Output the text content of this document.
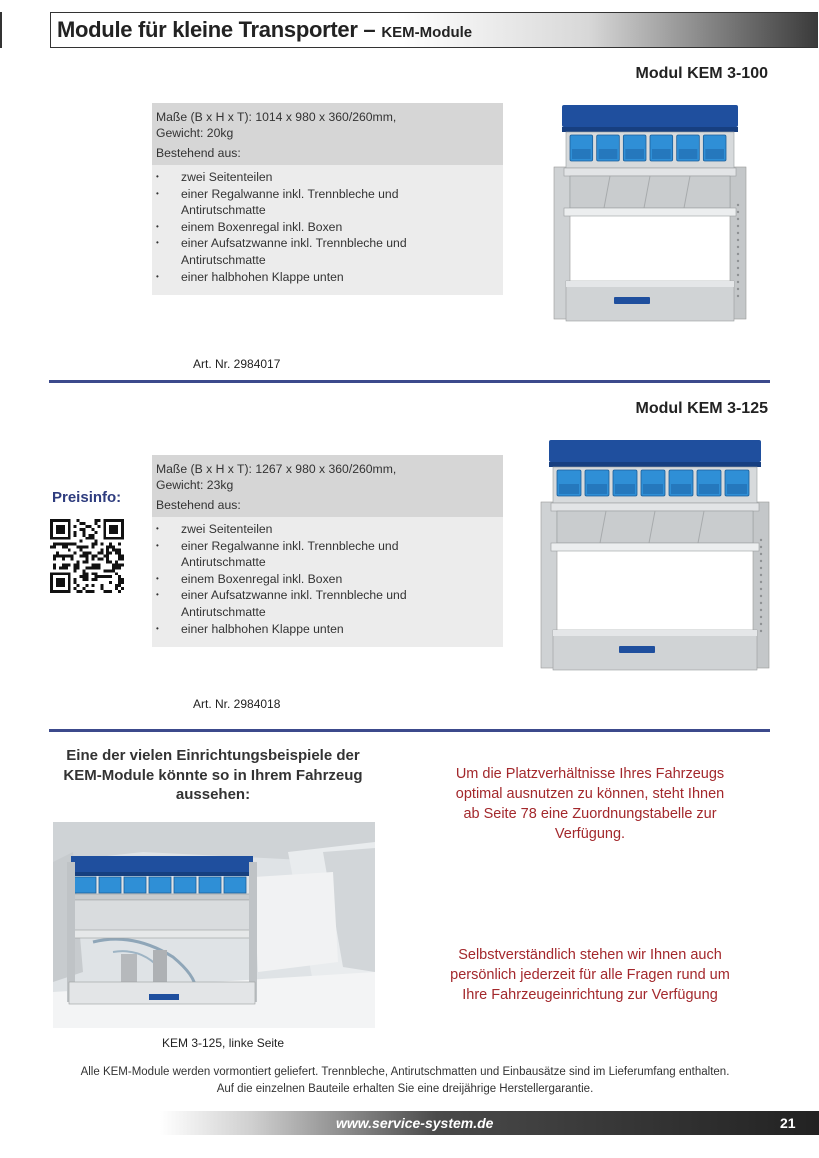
Module für kleine Transporter – KEM-Module
Modul KEM 3-100
Maße (B x H x T): 1014 x 980 x 360/260mm,
Gewicht: 20kg
Bestehend aus:
• zwei Seitenteilen
• einer Regalwanne inkl. Trennbleche und Antirutschmatte
• einem Boxenregal inkl. Boxen
• einer Aufsatzwanne inkl. Trennbleche und Antirutschmatte
• einer halbhohen Klappe unten
Art. Nr. 2984017
Modul KEM 3-125
Preisinfo:
Maße (B x H x T): 1267 x 980 x 360/260mm,
Gewicht: 23kg
Bestehend aus:
• zwei Seitenteilen
• einer Regalwanne inkl. Trennbleche und Antirutschmatte
• einem Boxenregal inkl. Boxen
• einer Aufsatzwanne inkl. Trennbleche und Antirutschmatte
• einer halbhohen Klappe unten
Art. Nr. 2984018
Eine der vielen Einrichtungsbeispiele der KEM-Module könnte so in Ihrem Fahrzeug aussehen:
KEM 3-125, linke Seite
Um die Platzverhältnisse Ihres Fahrzeugs optimal ausnutzen zu können, steht Ihnen ab Seite 78 eine Zuordnungstabelle zur Verfügung.
Selbstverständlich stehen wir Ihnen auch persönlich jederzeit für alle Fragen rund um Ihre Fahrzeugeinrichtung zur Verfügung
Alle KEM-Module werden vormontiert geliefert. Trennbleche, Antirutschmatten und Einbausätze sind im Lieferumfang enthalten. Auf die einzelnen Bauteile erhalten Sie eine dreijährige Herstellergarantie.
www.service-system.de	21
